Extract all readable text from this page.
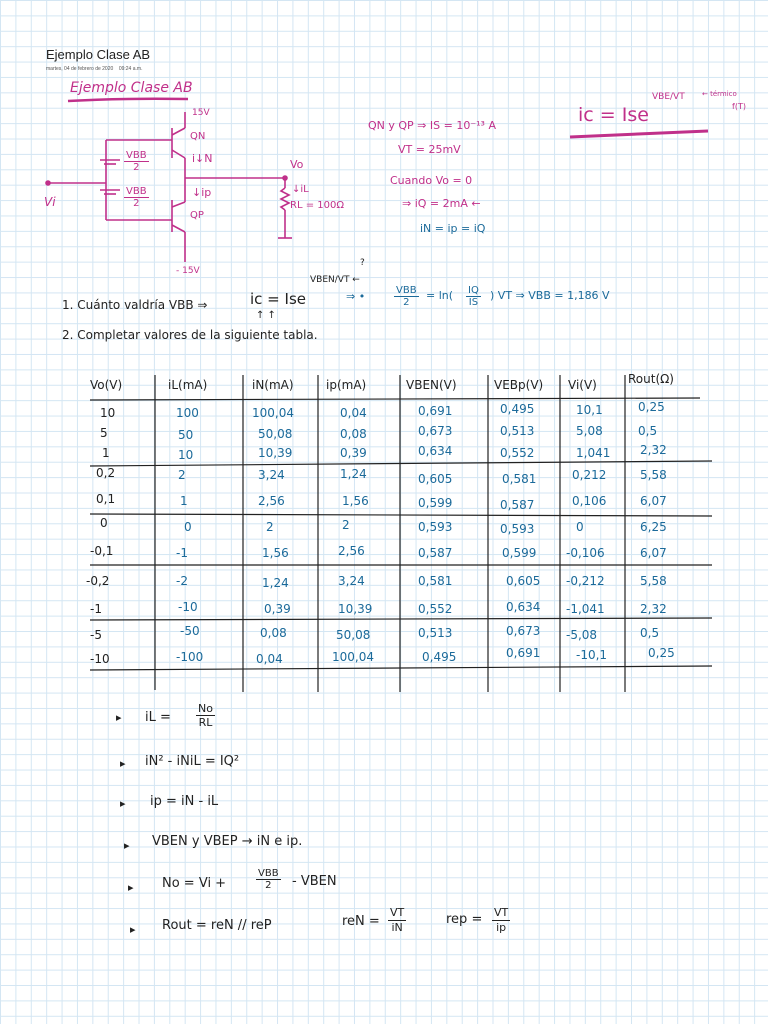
Ejemplo Clase AB
martes, 04 de febrero de 2020 09:24 a.m.
Ejemplo Clase AB
15V
- 15V
QN
QP
VBB
2
VBB
2
i↓N
↓ip
Vo
↓iL
RL = 100Ω
Vi
QN y QP ⇒ IS = 10⁻¹³ A
VT = 25mV
Cuando Vo = 0
⇒ iQ = 2mA ←
iN = ip = iQ
ic = Ise
VBE/VT ← térmico
f(T)
1. Cuánto valdría VBB ⇒	ic = Ise
↑ ↑
VBEN/VT ←
?
⇒ •	VBB
2
= $\ln( \frac{IQ}{IS}$ ) VT ⇒ VBB = 1,186 V
2. Completar valores de la siguiente tabla.
Vo(V)	iL(mA)	iN(mA)	ip(mA)	VBEN(V)	VEBp(V) Vi(V)	Rout(Ω)
10	100	100,04	0,04	0,691	0,495	10,1	0,25
5	50	50,08	0,08	0,673	0,513	5,08	0,5
1	10	10,39	0,39	0,634	0,552	1,041 2,32
0,2	2	3,24	1,24	0,605	0,581	0,212	5,58
0,1	1	2,56	1,56	0,599	0,587	0,106	6,07
0	0	2	2	0,593	0,593	0	6,25
-0,1	-1	1,56	2,56	0,587	0,599 -0,106	6,07
-0,2	-2	1,24	3,24	0,581	0,605 -0,212	5,58
-1	-10	0,39	10,39	0,552	0,634 -1,041	2,32
-5	-50	0,08	50,08	0,513	0,673 -5,08	0,5
-10	-100	0,04	100,04	0,495	0,691	-10,1	0,25
▸ iL = $\frac{No}{RL}$
▸ iN² - iNiL = IQ²
▸ ip = iN - iL
▸ VBEN y VBEP → iN e ip.
▸ No = Vi +
VBB
2 - VBEN
▸ Rout = reN // reP	reN = $\frac{VT}{iN}$	rep = $\frac{VT}{ip}$
